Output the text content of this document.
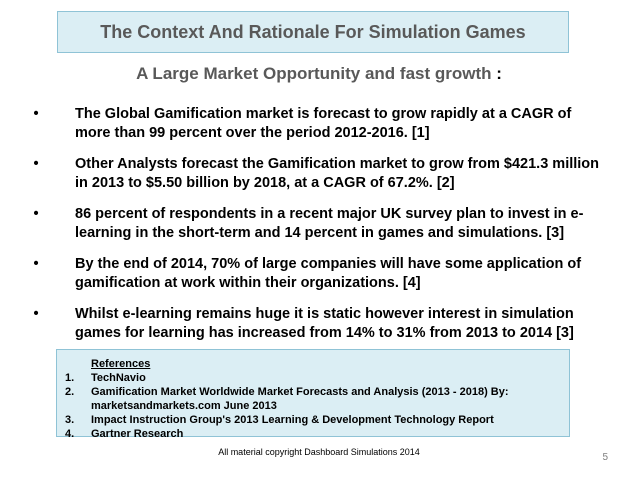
The Context And Rationale For Simulation Games
A Large Market Opportunity and fast growth :
•	The Global Gamification market is forecast to grow rapidly at a CAGR of more than 99 percent over the period 2012-2016. [1]
•	Other Analysts forecast the Gamification market to grow from $421.3 million in 2013 to $5.50 billion by 2018, at a CAGR of 67.2%. [2]
•	86 percent of respondents in a recent major UK survey plan to invest in e-learning in the short-term and 14 percent in games and simulations. [3]
•	By the end of 2014, 70% of large companies will have some application of gamification at work within their organizations. [4]
•	Whilst e-learning remains huge it is static however interest in simulation games for learning has increased from 14% to 31% from 2013 to 2014 [3]
References
1.	TechNavio
2.	Gamification Market Worldwide Market Forecasts and Analysis (2013 - 2018) By: marketsandmarkets.com June 2013
3.	Impact Instruction Group's 2013 Learning & Development Technology Report
4.	Gartner Research
All material copyright Dashboard Simulations 2014	5
